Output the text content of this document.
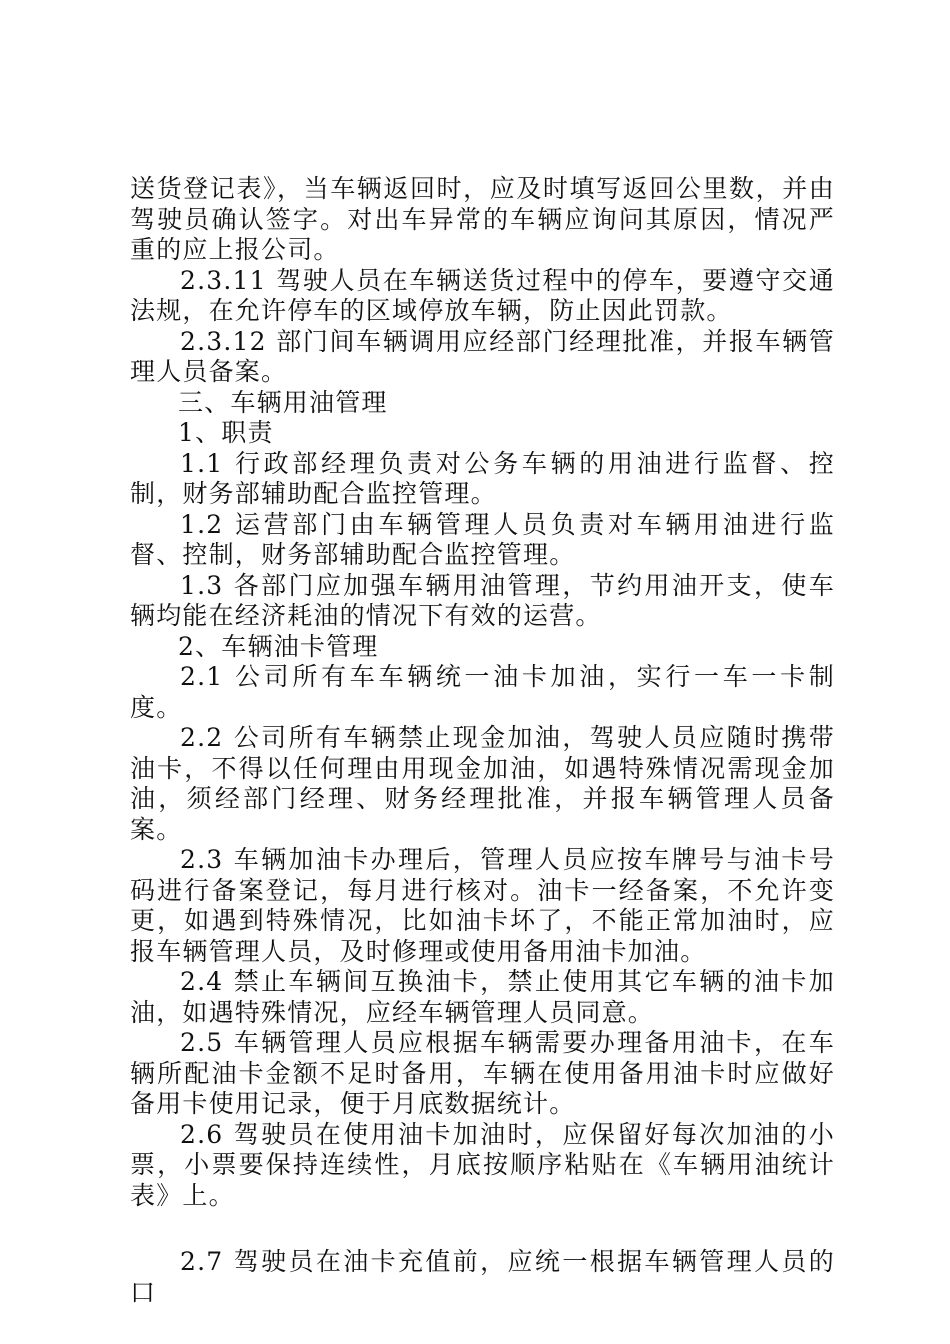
送货登记表》，当车辆返回时，应及时填写返回公里数，并由驾驶员确认签字。对出车异常的车辆应询问其原因，情况严重的应上报公司。

2.3.11 驾驶人员在车辆送货过程中的停车，要遵守交通法规，在允许停车的区域停放车辆，防止因此罚款。

2.3.12 部门间车辆调用应经部门经理批准，并报车辆管理人员备案。

三、车辆用油管理

1、职责

1.1 行政部经理负责对公务车辆的用油进行监督、控制，财务部辅助配合监控管理。

1.2 运营部门由车辆管理人员负责对车辆用油进行监督、控制，财务部辅助配合监控管理。

1.3 各部门应加强车辆用油管理，节约用油开支，使车辆均能在经济耗油的情况下有效的运营。

2、车辆油卡管理

2.1 公司所有车车辆统一油卡加油，实行一车一卡制度。

2.2 公司所有车辆禁止现金加油，驾驶人员应随时携带油卡，不得以任何理由用现金加油，如遇特殊情况需现金加油，须经部门经理、财务经理批准，并报车辆管理人员备案。

2.3 车辆加油卡办理后，管理人员应按车牌号与油卡号码进行备案登记，每月进行核对。油卡一经备案，不允许变更，如遇到特殊情况，比如油卡坏了，不能正常加油时，应报车辆管理人员，及时修理或使用备用油卡加油。

2.4 禁止车辆间互换油卡，禁止使用其它车辆的油卡加油，如遇特殊情况，应经车辆管理人员同意。

2.5 车辆管理人员应根据车辆需要办理备用油卡，在车辆所配油卡金额不足时备用，车辆在使用备用油卡时应做好备用卡使用记录，便于月底数据统计。

2.6 驾驶员在使用油卡加油时，应保留好每次加油的小票，小票要保持连续性，月底按顺序粘贴在《车辆用油统计表》上。

2.7 驾驶员在油卡充值前，应统一根据车辆管理人员的口
